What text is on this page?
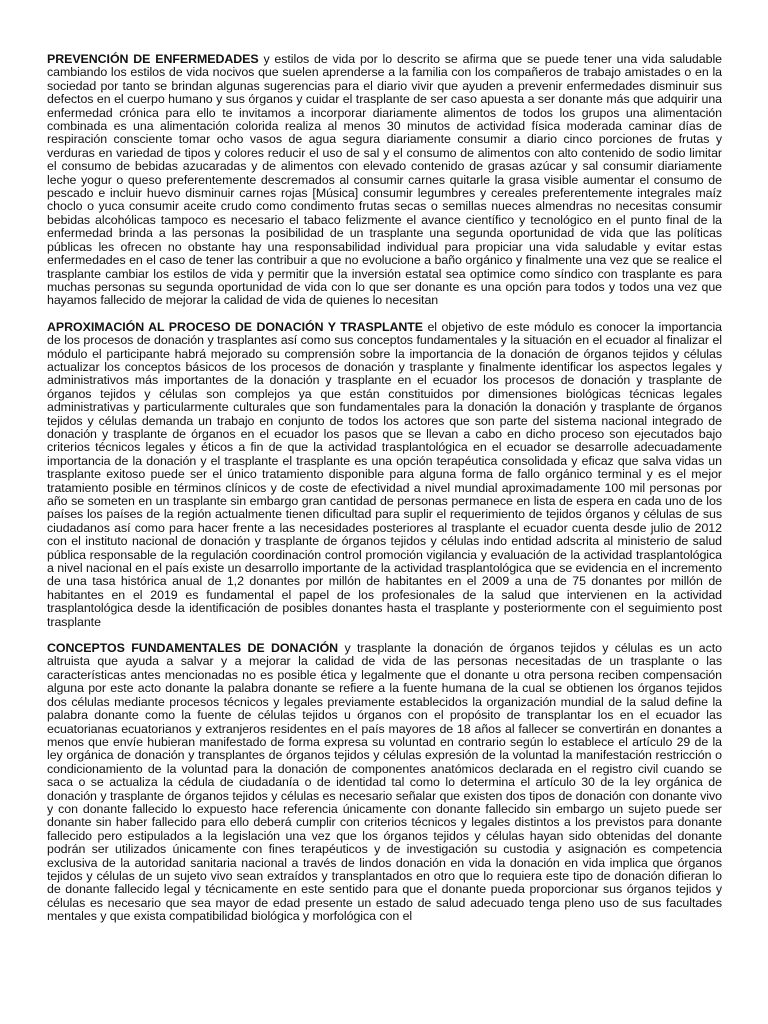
PREVENCIÓN DE ENFERMEDADES y estilos de vida por lo descrito se afirma que se puede tener una vida saludable cambiando los estilos de vida nocivos que suelen aprenderse a la familia con los compañeros de trabajo amistades o en la sociedad por tanto se brindan algunas sugerencias para el diario vivir que ayuden a prevenir enfermedades disminuir sus defectos en el cuerpo humano y sus órganos y cuidar el trasplante de ser caso apuesta a ser donante más que adquirir una enfermedad crónica para ello te invitamos a incorporar diariamente alimentos de todos los grupos una alimentación combinada es una alimentación colorida realiza al menos 30 minutos de actividad física moderada caminar días de respiración consciente tomar ocho vasos de agua segura diariamente consumir a diario cinco porciones de frutas y verduras en variedad de tipos y colores reducir el uso de sal y el consumo de alimentos con alto contenido de sodio limitar el consumo de bebidas azucaradas y de alimentos con elevado contenido de grasas azúcar y sal consumir diariamente leche yogur o queso preferentemente descremados al consumir carnes quitarle la grasa visible aumentar el consumo de pescado e incluir huevo disminuir carnes rojas [Música] consumir legumbres y cereales preferentemente integrales maíz choclo o yuca consumir aceite crudo como condimento frutas secas o semillas nueces almendras no necesitas consumir bebidas alcohólicas tampoco es necesario el tabaco felizmente el avance científico y tecnológico en el punto final de la enfermedad brinda a las personas la posibilidad de un trasplante una segunda oportunidad de vida que las políticas públicas les ofrecen no obstante hay una responsabilidad individual para propiciar una vida saludable y evitar estas enfermedades en el caso de tener las contribuir a que no evolucione a baño orgánico y finalmente una vez que se realice el trasplante cambiar los estilos de vida y permitir que la inversión estatal sea optimice como síndico con trasplante es para muchas personas su segunda oportunidad de vida con lo que ser donante es una opción para todos y todos una vez que hayamos fallecido de mejorar la calidad de vida de quienes lo necesitan

APROXIMACIÓN AL PROCESO DE DONACIÓN Y TRASPLANTE el objetivo de este módulo es conocer la importancia de los procesos de donación y trasplantes así como sus conceptos fundamentales y la situación en el ecuador al finalizar el módulo el participante habrá mejorado su comprensión sobre la importancia de la donación de órganos tejidos y células actualizar los conceptos básicos de los procesos de donación y trasplante y finalmente identificar los aspectos legales y administrativos más importantes de la donación y trasplante en el ecuador los procesos de donación y trasplante de órganos tejidos y células son complejos ya que están constituidos por dimensiones biológicas técnicas legales administrativas y particularmente culturales que son fundamentales para la donación la donación y trasplante de órganos tejidos y células demanda un trabajo en conjunto de todos los actores que son parte del sistema nacional integrado de donación y trasplante de órganos en el ecuador los pasos que se llevan a cabo en dicho proceso son ejecutados bajo criterios técnicos legales y éticos a fin de que la actividad trasplantológica en el ecuador se desarrolle adecuadamente importancia de la donación y el trasplante el trasplante es una opción terapéutica consolidada y eficaz que salva vidas un trasplante exitoso puede ser el único tratamiento disponible para alguna forma de fallo orgánico terminal y es el mejor tratamiento posible en términos clínicos y de coste de efectividad a nivel mundial aproximadamente 100 mil personas por año se someten en un trasplante sin embargo gran cantidad de personas permanece en lista de espera en cada uno de los países los países de la región actualmente tienen dificultad para suplir el requerimiento de tejidos órganos y células de sus ciudadanos así como para hacer frente a las necesidades posteriores al trasplante el ecuador cuenta desde julio de 2012 con el instituto nacional de donación y trasplante de órganos tejidos y células indo entidad adscrita al ministerio de salud pública responsable de la regulación coordinación control promoción vigilancia y evaluación de la actividad trasplantológica a nivel nacional en el país existe un desarrollo importante de la actividad trasplantológica que se evidencia en el incremento de una tasa histórica anual de 1,2 donantes por millón de habitantes en el 2009 a una de 75 donantes por millón de habitantes en el 2019 es fundamental el papel de los profesionales de la salud que intervienen en la actividad trasplantológica desde la identificación de posibles donantes hasta el trasplante y posteriormente con el seguimiento post trasplante

CONCEPTOS FUNDAMENTALES DE DONACIÓN y trasplante la donación de órganos tejidos y células es un acto altruista que ayuda a salvar y a mejorar la calidad de vida de las personas necesitadas de un trasplante o las características antes mencionadas no es posible ética y legalmente que el donante u otra persona reciben compensación alguna por este acto donante la palabra donante se refiere a la fuente humana de la cual se obtienen los órganos tejidos dos células mediante procesos técnicos y legales previamente establecidos la organización mundial de la salud define la palabra donante como la fuente de células tejidos u órganos con el propósito de transplantar los en el ecuador las ecuatorianas ecuatorianos y extranjeros residentes en el país mayores de 18 años al fallecer se convertirán en donantes a menos que envíe hubieran manifestado de forma expresa su voluntad en contrario según lo establece el artículo 29 de la ley orgánica de donación y transplantes de órganos tejidos y células expresión de la voluntad la manifestación restricción o condicionamiento de la voluntad para la donación de componentes anatómicos declarada en el registro civil cuando se saca o se actualiza la cédula de ciudadanía o de identidad tal como lo determina el artículo 30 de la ley orgánica de donación y trasplante de órganos tejidos y células es necesario señalar que existen dos tipos de donación con donante vivo y con donante fallecido lo expuesto hace referencia únicamente con donante fallecido sin embargo un sujeto puede ser donante sin haber fallecido para ello deberá cumplir con criterios técnicos y legales distintos a los previstos para donante fallecido pero estipulados a la legislación una vez que los órganos tejidos y células hayan sido obtenidas del donante podrán ser utilizados únicamente con fines terapéuticos y de investigación su custodia y asignación es competencia exclusiva de la autoridad sanitaria nacional a través de lindos donación en vida la donación en vida implica que órganos tejidos y células de un sujeto vivo sean extraídos y transplantados en otro que lo requiera este tipo de donación difieran lo de donante fallecido legal y técnicamente en este sentido para que el donante pueda proporcionar sus órganos tejidos y células es necesario que sea mayor de edad presente un estado de salud adecuado tenga pleno uso de sus facultades mentales y que exista compatibilidad biológica y morfológica con el
